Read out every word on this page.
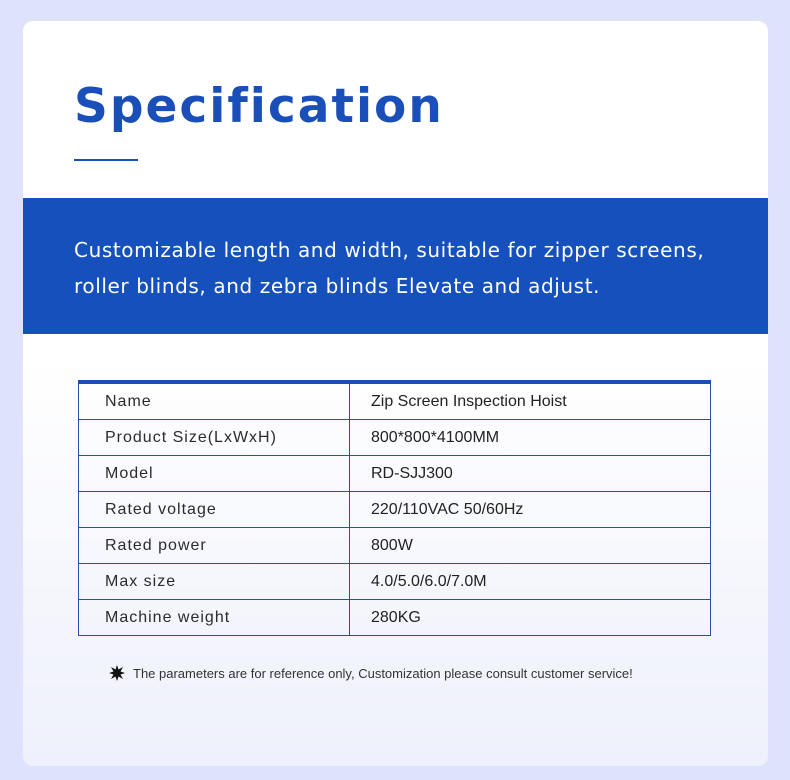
Specification

Customizable length and width, suitable for zipper screens, roller blinds, and zebra blinds Elevate and adjust.

Name	Zip Screen Inspection Hoist
Product Size(LxWxH)	800*800*4100MM
Model	RD-SJJ300
Rated voltage	220/110VAC 50/60Hz
Rated power	800W
Max size	4.0/5.0/6.0/7.0M
Machine weight	280KG
The parameters are for reference only, Customization please consult customer service!
